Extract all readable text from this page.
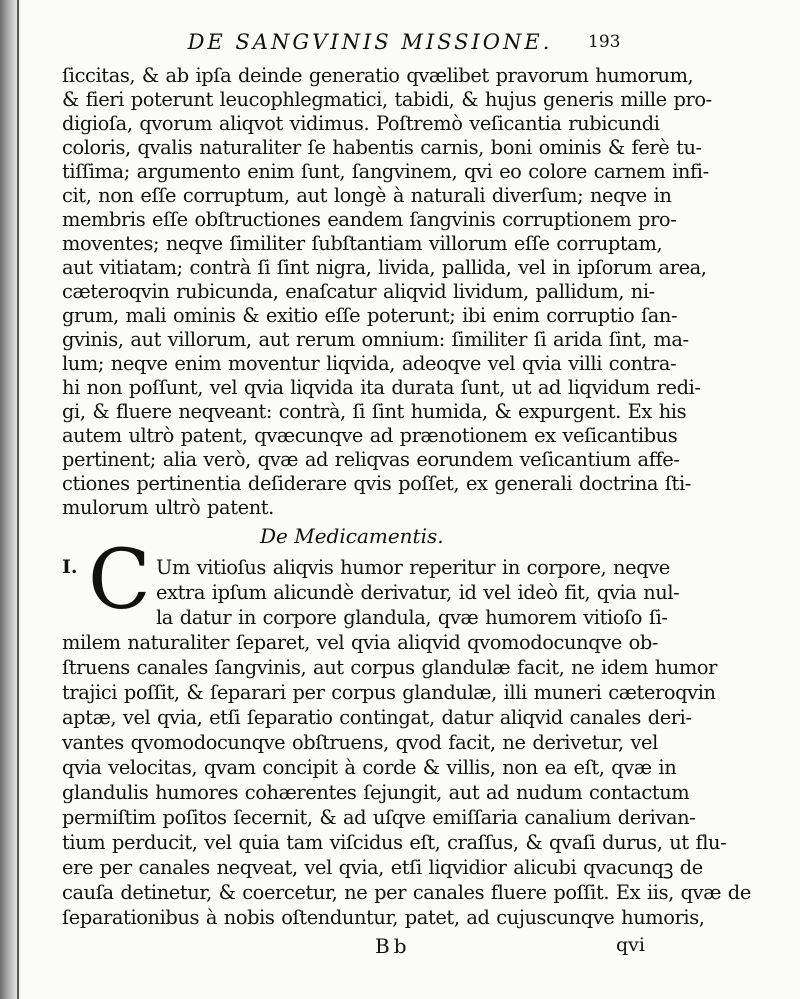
DE SANGVINIS MISSIONE.	193
ſiccitas, & ab ipſa deinde generatio qvælibet pravorum humorum,
& fieri poterunt leucophlegmatici, tabidi, & hujus generis mille pro-
digioſa, qvorum aliqvot vidimus. Poſtremò veſicantia rubicundi
coloris, qvalis naturaliter ſe habentis carnis, boni ominis & ferè tu-
tiſſima; argumento enim ſunt, ſangvinem, qvi eo colore carnem infi-
cit, non eſſe corruptum, aut longè à naturali diverſum; neqve in
membris eſſe obſtructiones eandem ſangvinis corruptionem pro-
moventes; neqve ſimiliter ſubſtantiam villorum eſſe corruptam,
aut vitiatam; contrà ſi ſint nigra, livida, pallida, vel in ipſorum area,
cæteroqvin rubicunda, enaſcatur aliqvid lividum, pallidum, ni-
grum, mali ominis & exitio eſſe poterunt; ibi enim corruptio ſan-
gvinis, aut villorum, aut rerum omnium: ſimiliter ſi arida ſint, ma-
lum; neqve enim moventur liqvida, adeoqve vel qvia villi contra-
hi non poſſunt, vel qvia liqvida ita durata ſunt, ut ad liqvidum redi-
gi, & fluere neqveant: contrà, ſi ſint humida, & expurgent. Ex his
autem ultrò patent, qvæcunqve ad prænotionem ex veſicantibus
pertinent; alia verò, qvæ ad reliqvas eorundem veſicantium affe-
ctiones pertinentia deſiderare qvis poſſet, ex generali doctrina ſti-
mulorum ultrò patent.
De Medicamentis.
I. C Um vitioſus aliqvis humor reperitur in corpore, neqve
extra ipſum alicundè derivatur, id vel ideò fit, qvia nul-
la datur in corpore glandula, qvæ humorem vitioſo ſi-
milem naturaliter ſeparet, vel qvia aliqvid qvomodocunqve ob-
ſtruens canales ſangvinis, aut corpus glandulæ facit, ne idem humor
trajici poſſit, & ſeparari per corpus glandulæ, illi muneri cæteroqvin
aptæ, vel qvia, etſi ſeparatio contingat, datur aliqvid canales deri-
vantes qvomodocunqve obſtruens, qvod facit, ne derivetur, vel
qvia velocitas, qvam concipit à corde & villis, non ea eſt, qvæ in
glandulis humores cohærentes ſejungit, aut ad nudum contactum
permiſtim poſitos ſecernit, & ad uſqve emiſſaria canalium derivan-
tium perducit, vel quia tam viſcidus eſt, craſſus, & qvaſi durus, ut flu-
ere per canales neqveat, vel qvia, etſi liqvidior alicubi qvacunqꝫ de
cauſa detinetur, & coercetur, ne per canales fluere poſſit. Ex iis, qvæ de
ſeparationibus à nobis oſtenduntur, patet, ad cujuscunqve humoris,
Bb	qvi
